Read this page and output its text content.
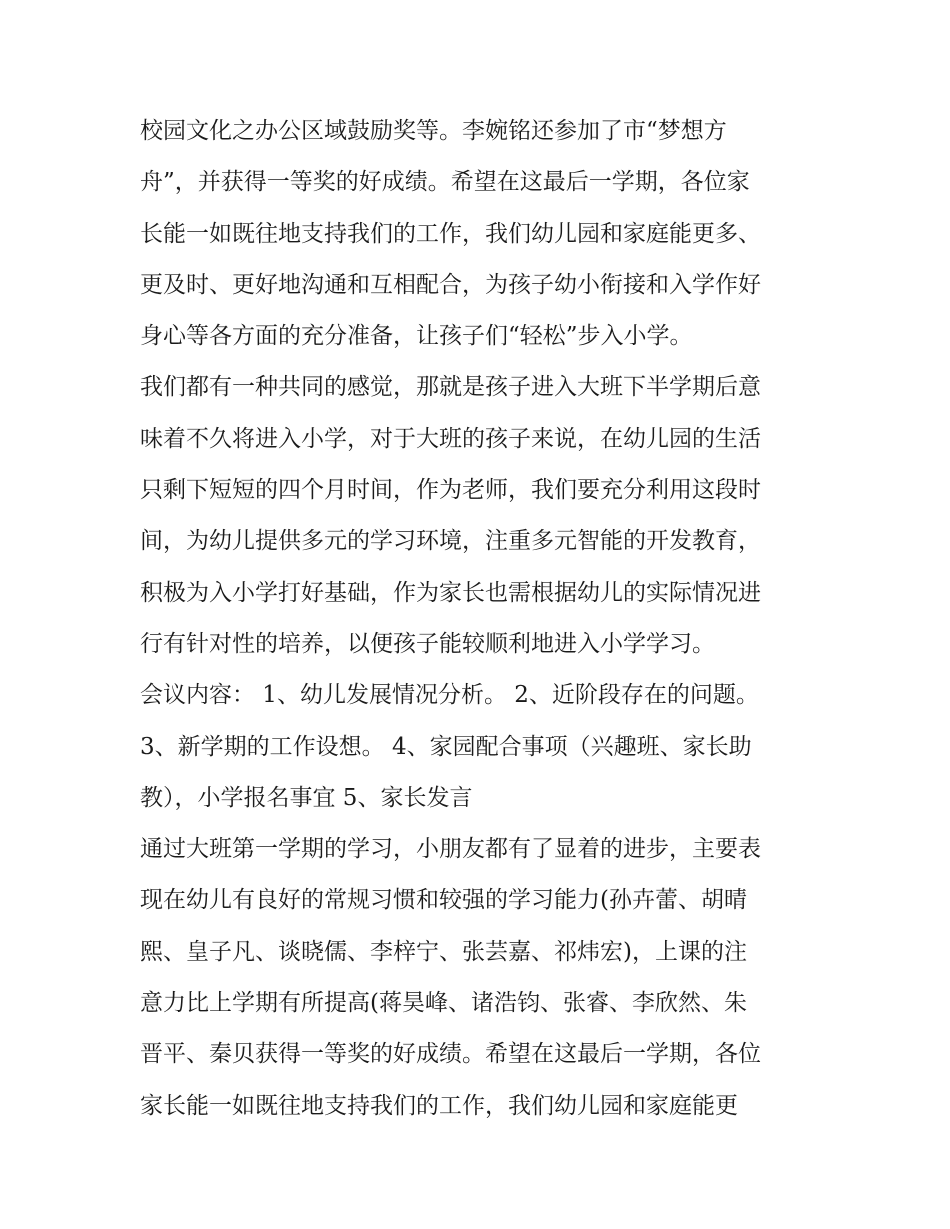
校园文化之办公区域鼓励奖等。李婉铭还参加了市“梦想方
舟”，并获得一等奖的好成绩。希望在这最后一学期，各位家
长能一如既往地支持我们的工作，我们幼儿园和家庭能更多、
更及时、更好地沟通和互相配合，为孩子幼小衔接和入学作好
身心等各方面的充分准备，让孩子们“轻松”步入小学。
我们都有一种共同的感觉，那就是孩子进入大班下半学期后意
味着不久将进入小学，对于大班的孩子来说，在幼儿园的生活
只剩下短短的四个月时间，作为老师，我们要充分利用这段时
间，为幼儿提供多元的学习环境，注重多元智能的开发教育，
积极为入小学打好基础，作为家长也需根据幼儿的实际情况进
行有针对性的培养，以便孩子能较顺利地进入小学学习。
会议内容： 1、幼儿发展情况分析。 2、近阶段存在的问题。
3、新学期的工作设想。 4、家园配合事项（兴趣班、家长助
教），小学报名事宜 5、家长发言
通过大班第一学期的学习，小朋友都有了显着的进步，主要表
现在幼儿有良好的常规习惯和较强的学习能力(孙卉蕾、胡晴
熙、皇子凡、谈晓儒、李梓宁、张芸嘉、祁炜宏)，上课的注
意力比上学期有所提高(蒋昊峰、诸浩钧、张睿、李欣然、朱
晋平、秦贝获得一等奖的好成绩。希望在这最后一学期，各位
家长能一如既往地支持我们的工作，我们幼儿园和家庭能更
